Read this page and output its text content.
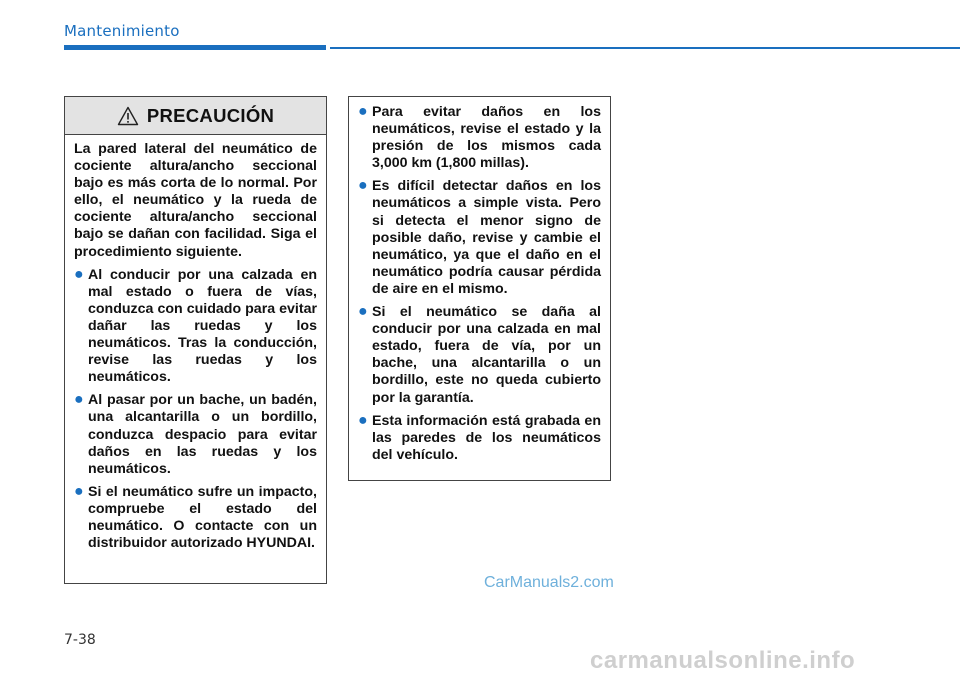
Mantenimiento
PRECAUCIÓN

La pared lateral del neumático de cociente altura/ancho seccional bajo es más corta de lo normal. Por ello, el neumático y la rueda de cociente altura/ancho seccional bajo se dañan con facilidad. Siga el procedimiento siguiente.

● Al conducir por una calzada en mal estado o fuera de vías, conduzca con cuidado para evitar dañar las ruedas y los neumáticos. Tras la conducción, revise las ruedas y los neumáticos.
● Al pasar por un bache, un badén, una alcantarilla o un bordillo, conduzca despacio para evitar daños en las ruedas y los neumáticos.
● Si el neumático sufre un impacto, compruebe el estado del neumático. O contacte con un distribuidor autorizado HYUNDAI.
● Para evitar daños en los neumáticos, revise el estado y la presión de los mismos cada 3,000 km (1,800 millas).
● Es difícil detectar daños en los neumáticos a simple vista. Pero si detecta el menor signo de posible daño, revise y cambie el neumático, ya que el daño en el neumático podría causar pérdida de aire en el mismo.
● Si el neumático se daña al conducir por una calzada en mal estado, fuera de vía, por un bache, una alcantarilla o un bordillo, este no queda cubierto por la garantía.
● Esta información está grabada en las paredes de los neumáticos del vehículo.
CarManuals2.com
7-38
carmanualsonline.info
